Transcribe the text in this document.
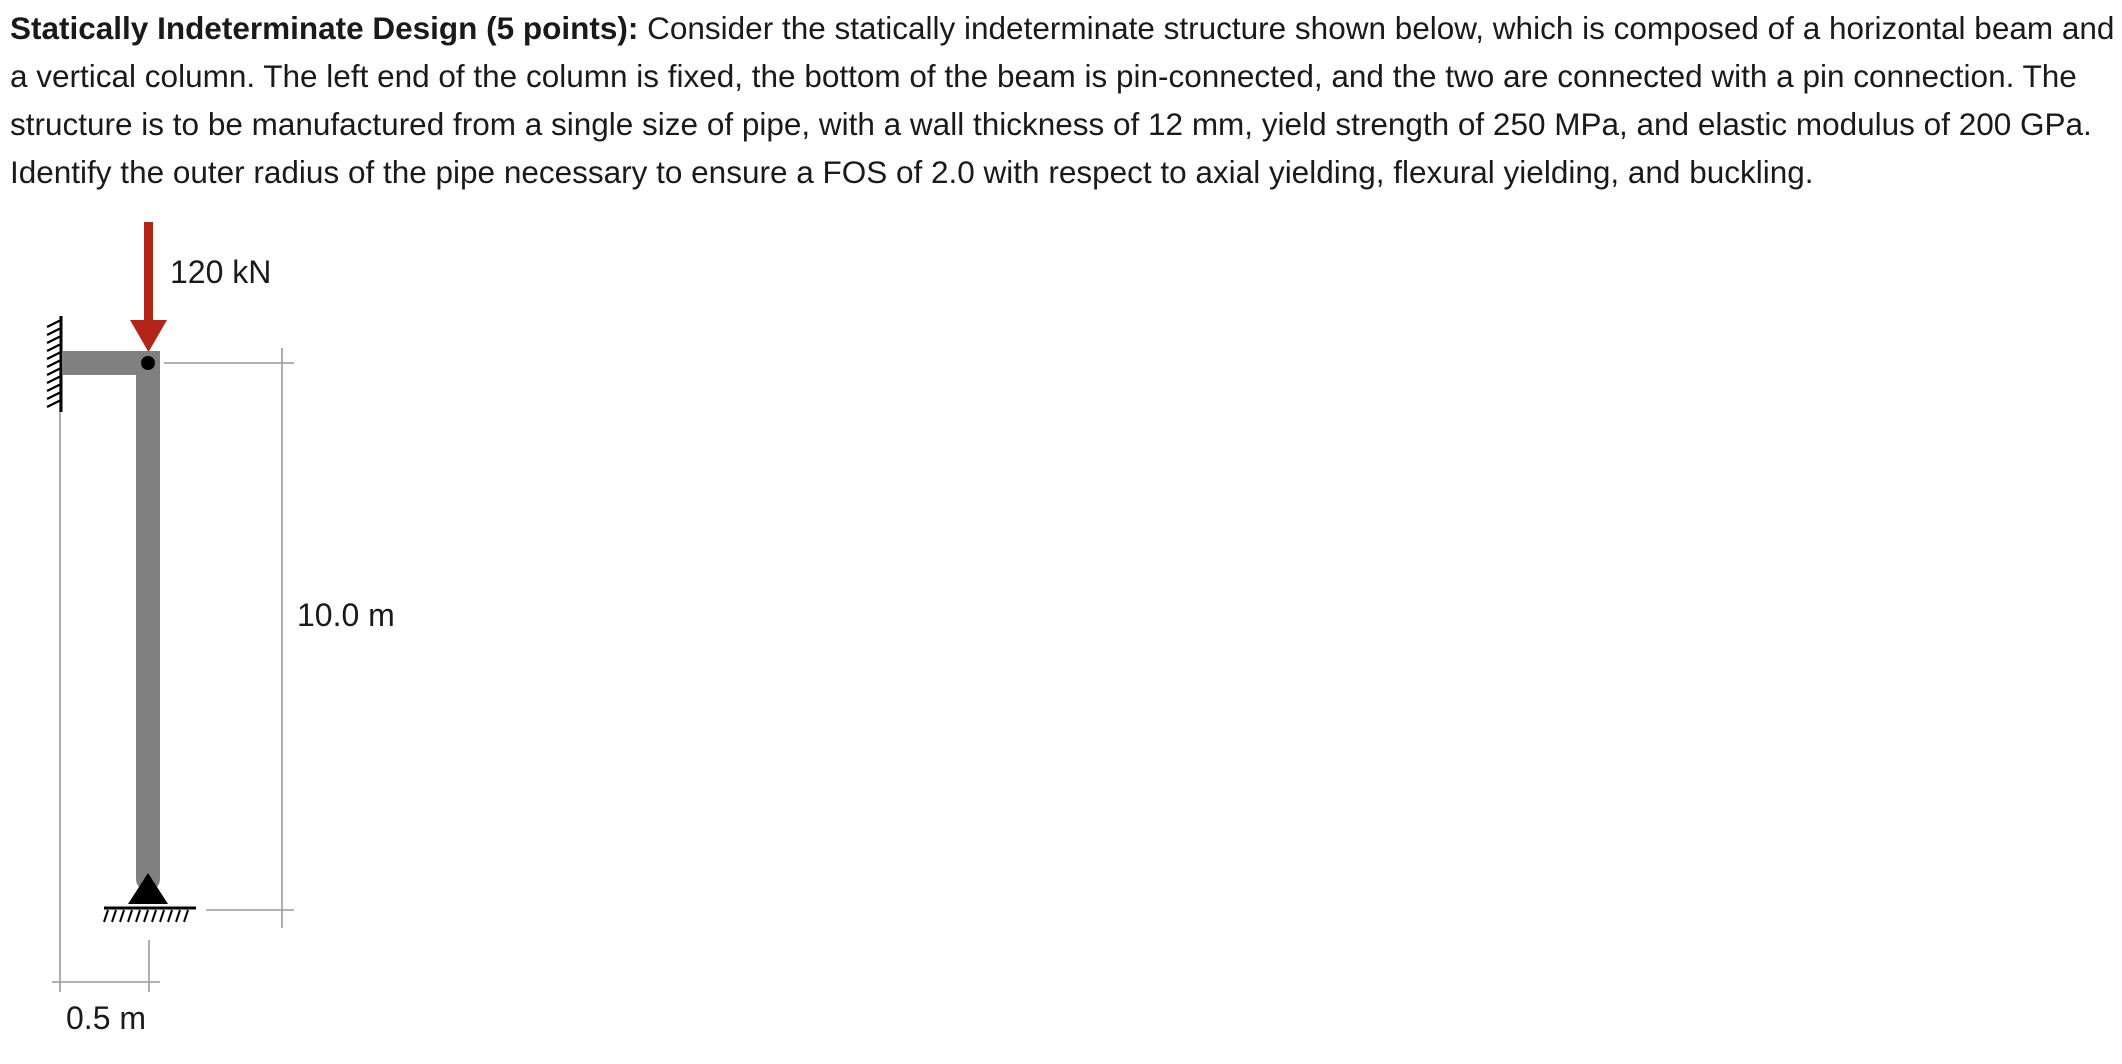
Statically Indeterminate Design (5 points): Consider the statically indeterminate structure shown below, which is composed of a horizontal beam and a vertical column. The left end of the column is fixed, the bottom of the beam is pin-connected, and the two are connected with a pin connection. The structure is to be manufactured from a single size of pipe, with a wall thickness of 12 mm, yield strength of 250 MPa, and elastic modulus of 200 GPa. Identify the outer radius of the pipe necessary to ensure a FOS of 2.0 with respect to axial yielding, flexural yielding, and buckling.

120 kN
10.0 m
0.5 m
